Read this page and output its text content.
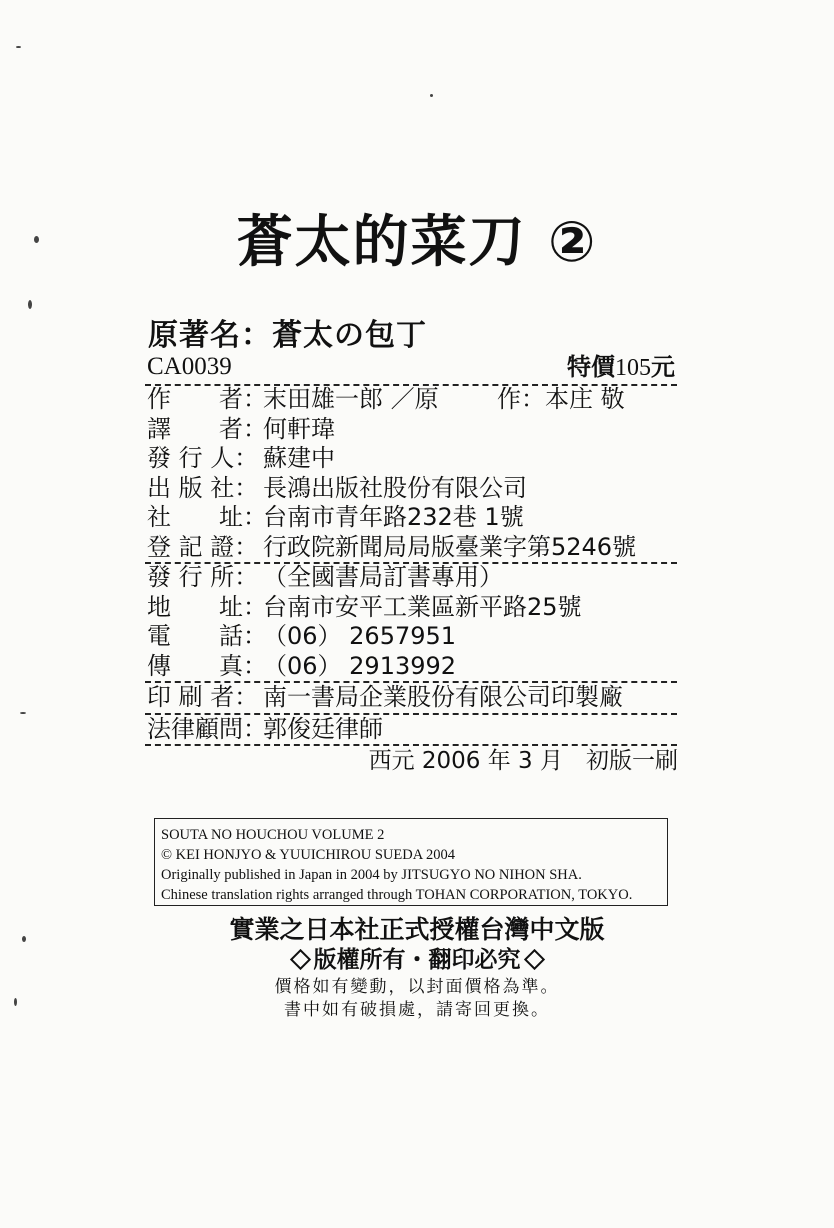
蒼太的菜刀 ②
原著名：蒼太の包丁
CA0039	特價105元
作　　者：
末田雄一郎 ／原 作：本庄 敬
譯　　者：
何軒瑋
發 行 人： 蘇建中
出 版 社： 長鴻出版社股份有限公司
社　　址：
台南市青年路232巷 1號
登 記 證： 行政院新聞局局版臺業字第5246號
發 行 所： （全國書局訂書專用）
地　　址：
台南市安平工業區新平路25號
電　　話：
（06） 2657951
傳　　真：
（06） 2913992
印 刷 者： 南一書局企業股份有限公司印製廠
法律顧問：
郭俊廷律師
西元 2006 年 3 月　初版一刷
SOUTA NO HOUCHOU VOLUME 2
© KEI HONJYO & YUUICHIROU SUEDA 2004
Originally published in Japan in 2004 by JITSUGYO NO NIHON SHA.
Chinese translation rights arranged through TOHAN CORPORATION, TOKYO.
實業之日本社正式授權台灣中文版
版權所有・翻印必究
價格如有變動，以封面價格為準。
書中如有破損處，請寄回更換。
